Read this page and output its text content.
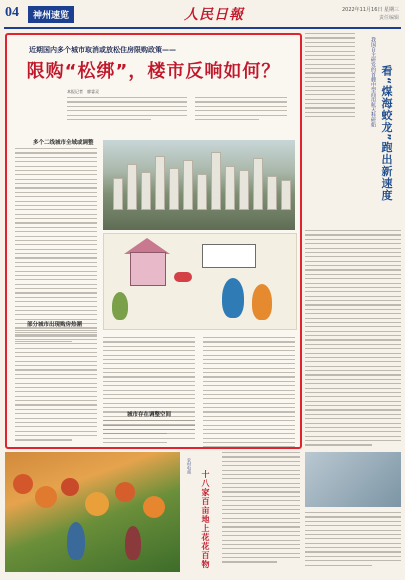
04	神州速览	人民日報	2022年11月16日 星期三
责任编辑
近期国内多个城市取消或放松住房限购政策——
限购“松绑”，楼市反响如何？
本报记者　廖睿灵
多个二线城市全域或调整
部分城市出现购房热潮
城市存在调整空间
我国自主研发的首艘中型商用航天科研船 看“煤海蛟龙”跑出新速度
农村电商
十八家百亩地上花花百物
